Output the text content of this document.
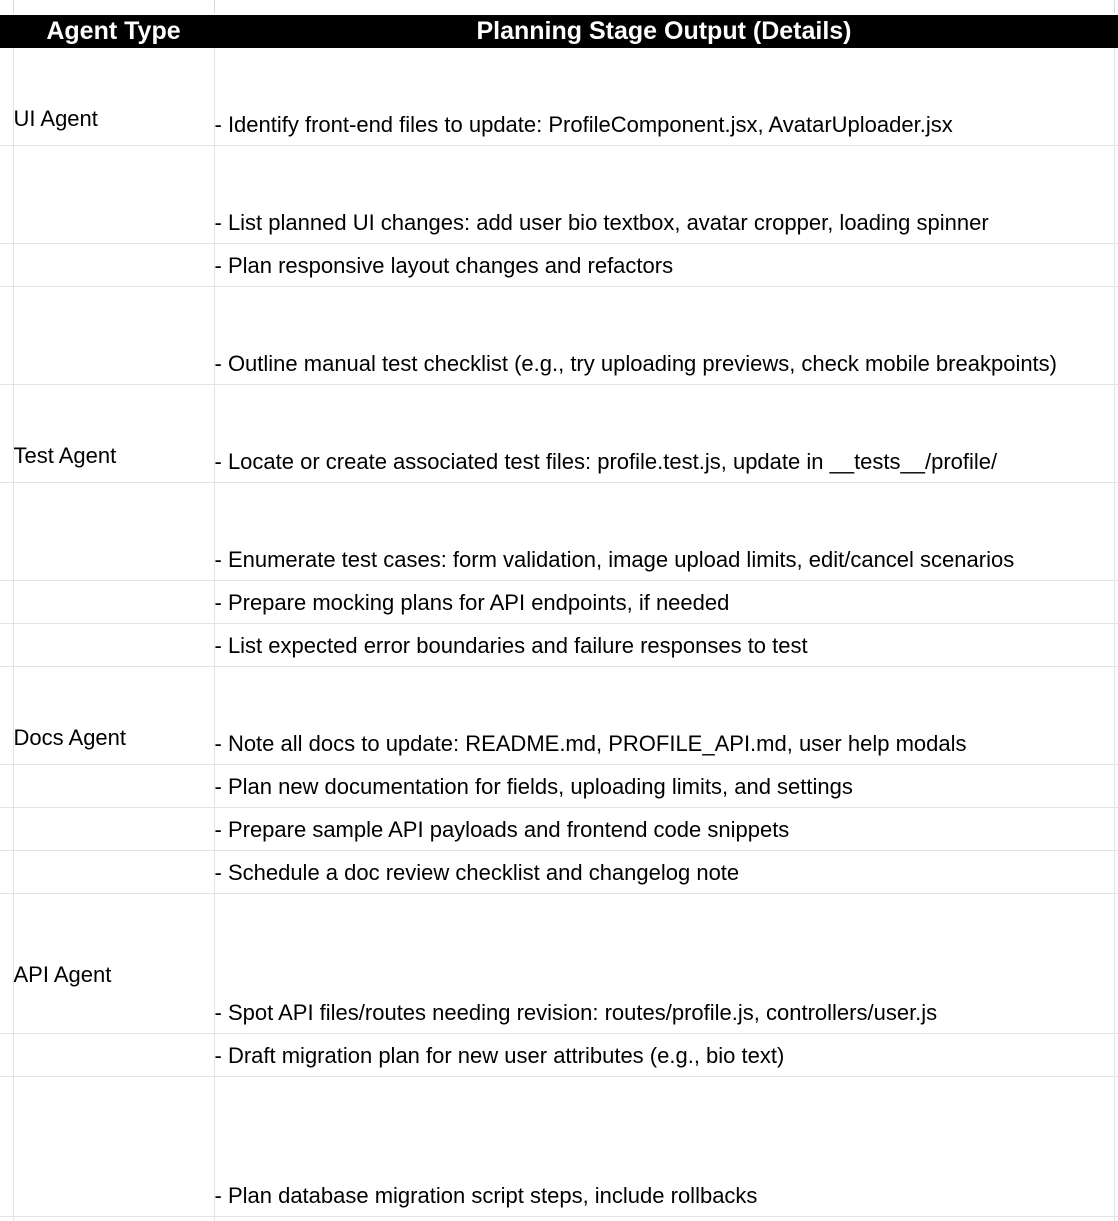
	Agent Type	Planning Stage Output (Details)	
	UI Agent	- Identify front-end files to update: ProfileComponent.jsx, AvatarUploader.jsx	

		- List planned UI changes: add user bio textbox, avatar cropper, loading spinner	

		- Plan responsive layout changes and refactors	

		- Outline manual test checklist (e.g., try uploading previews, check mobile breakpoints)	

	Test Agent	- Locate or create associated test files: profile.test.js, update in __tests__/profile/	

		- Enumerate test cases: form validation, image upload limits, edit/cancel scenarios	

		- Prepare mocking plans for API endpoints, if needed	

		- List expected error boundaries and failure responses to test	

	Docs Agent	- Note all docs to update: README.md, PROFILE_API.md, user help modals	

		- Plan new documentation for fields, uploading limits, and settings	

		- Prepare sample API payloads and frontend code snippets	

		- Schedule a doc review checklist and changelog note	

	API Agent	- Spot API files/routes needing revision: routes/profile.js, controllers/user.js	

		- Draft migration plan for new user attributes (e.g., bio text)	

		- Plan database migration script steps, include rollbacks	
